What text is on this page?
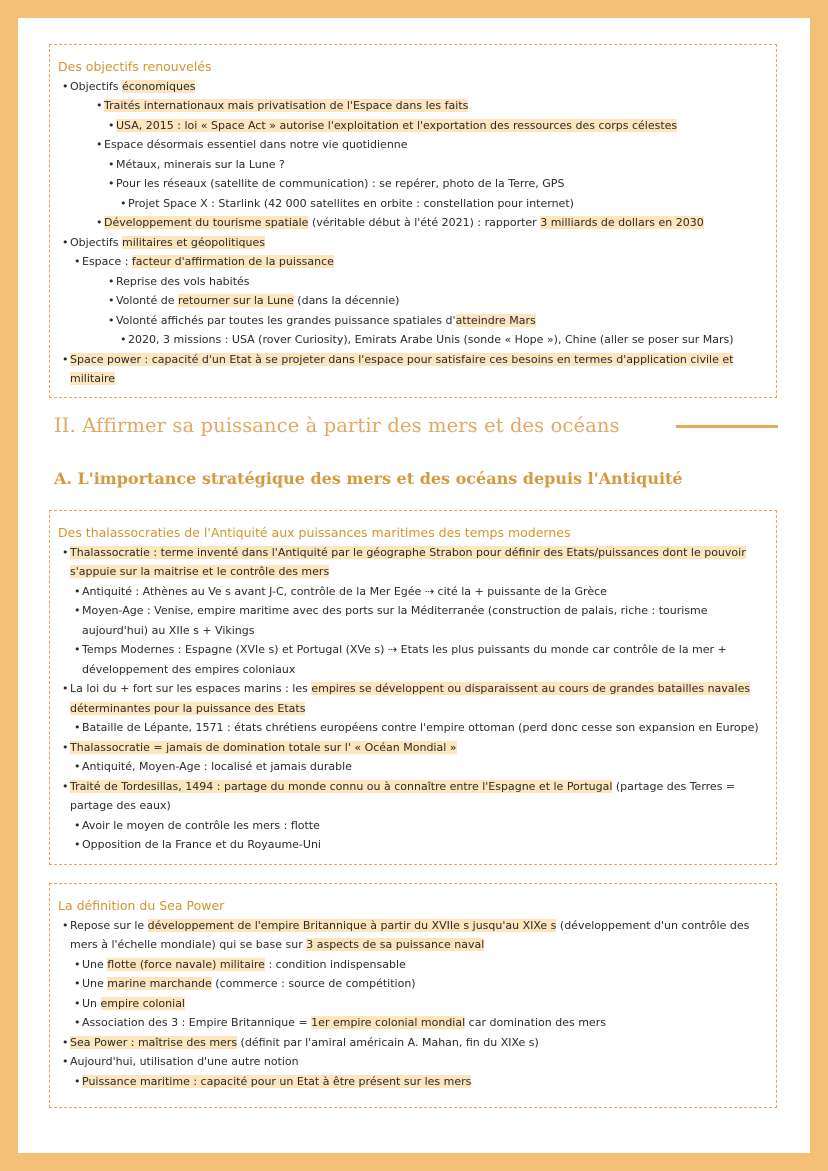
Des objectifs renouvelés
• Objectifs économiques
• Traités internationaux mais privatisation de l'Espace dans les faits
• USA, 2015 : loi « Space Act » autorise l'exploitation et l'exportation des ressources des corps célestes
• Espace désormais essentiel dans notre vie quotidienne
• Métaux, minerais sur la Lune ?
• Pour les réseaux (satellite de communication) : se repérer, photo de la Terre, GPS
• Projet Space X : Starlink (42 000 satellites en orbite : constellation pour internet)
• Développement du tourisme spatiale (véritable début à l'été 2021) : rapporter 3 milliards de dollars en 2030
• Objectifs militaires et géopolitiques
• Espace : facteur d'affirmation de la puissance
• Reprise des vols habités
• Volonté de retourner sur la Lune (dans la décennie)
• Volonté affichés par toutes les grandes puissance spatiales d'atteindre Mars
• 2020, 3 missions : USA (rover Curiosity), Emirats Arabe Unis (sonde « Hope »), Chine (aller se poser sur Mars)
• Space power : capacité d'un Etat à se projeter dans l'espace pour satisfaire ces besoins en termes d'application civile et militaire
II. Affirmer sa puissance à partir des mers et des océans
A. L'importance stratégique des mers et des océans depuis l'Antiquité
Des thalassocraties de l'Antiquité aux puissances maritimes des temps modernes
• Thalassocratie : terme inventé dans l'Antiquité par le géographe Strabon pour définir des Etats/puissances dont le pouvoir s'appuie sur la maitrise et le contrôle des mers
• Antiquité : Athènes au Ve s avant J-C, contrôle de la Mer Egée ⇢ cité la + puissante de la Grèce
• Moyen-Age : Venise, empire maritime avec des ports sur la Méditerranée (construction de palais, riche : tourisme aujourd'hui) au XIIe s + Vikings
• Temps Modernes : Espagne (XVIe s) et Portugal (XVe s) ⇢ Etats les plus puissants du monde car contrôle de la mer + développement des empires coloniaux
• La loi du + fort sur les espaces marins : les empires se développent ou disparaissent au cours de grandes batailles navales déterminantes pour la puissance des Etats
• Bataille de Lépante, 1571 : états chrétiens européens contre l'empire ottoman (perd donc cesse son expansion en Europe)
• Thalassocratie = jamais de domination totale sur l' « Océan Mondial »
• Antiquité, Moyen-Age : localisé et jamais durable
• Traité de Tordesillas, 1494 : partage du monde connu ou à connaître entre l'Espagne et le Portugal (partage des Terres = partage des eaux)
• Avoir le moyen de contrôle les mers : flotte
• Opposition de la France et du Royaume-Uni
La définition du Sea Power
• Repose sur le développement de l'empire Britannique à partir du XVIIe s jusqu'au XIXe s (développement d'un contrôle des mers à l'échelle mondiale) qui se base sur 3 aspects de sa puissance naval
• Une flotte (force navale) militaire : condition indispensable
• Une marine marchande (commerce : source de compétition)
• Un empire colonial
• Association des 3 : Empire Britannique = 1er empire colonial mondial car domination des mers
• Sea Power : maîtrise des mers (définit par l'amiral américain A. Mahan, fin du XIXe s)
• Aujourd'hui, utilisation d'une autre notion
• Puissance maritime : capacité pour un Etat à être présent sur les mers
